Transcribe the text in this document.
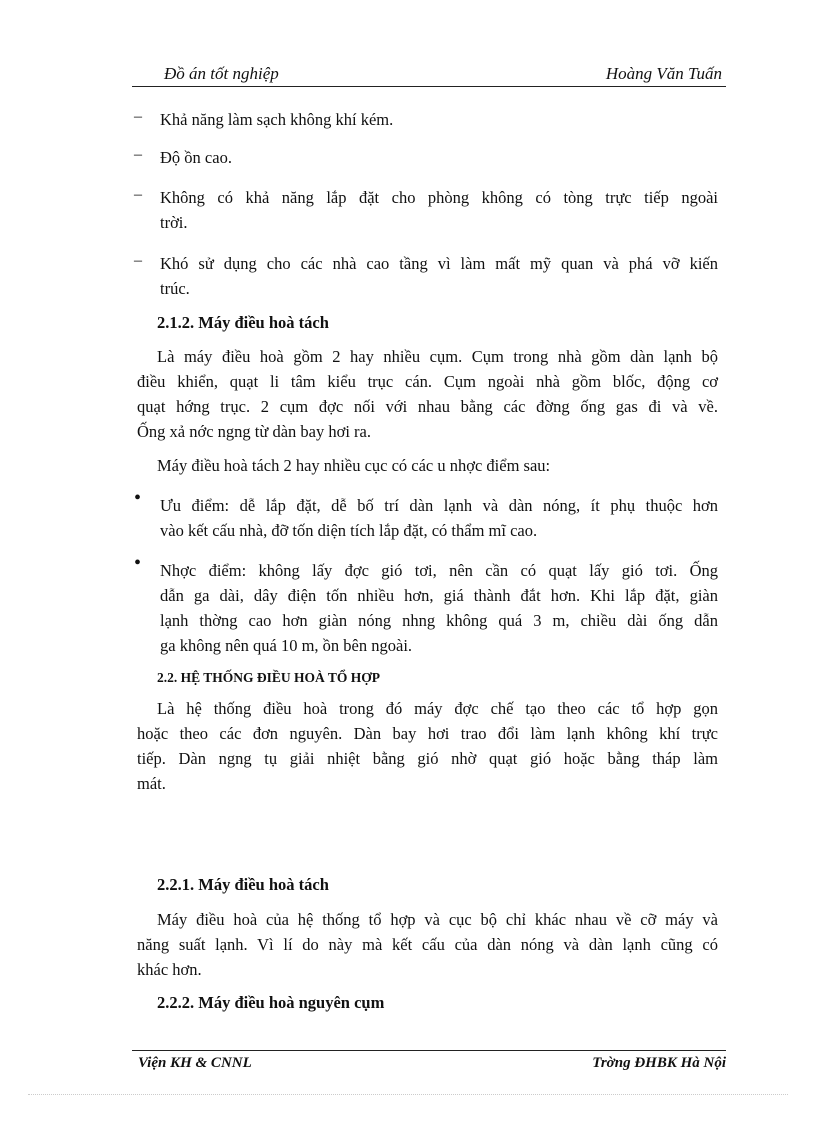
Đồ án tốt nghiệp	Hoàng Văn Tuấn
– Khả năng làm sạch không khí kém.
– Độ ồn cao.
– Không có khả năng lắp đặt cho phòng không có tòng trực tiếp ngoài
trời.
– Khó sử dụng cho các nhà cao tầng vì làm mất mỹ quan và phá vỡ kiến
trúc.
2.1.2. Máy điều hoà tách
Là máy điều hoà gồm 2 hay nhiều cụm. Cụm trong nhà gồm dàn lạnh bộ
điều khiển, quạt li tâm kiểu trục cán. Cụm ngoài nhà gồm blốc, động cơ
quạt hớng trục. 2 cụm đợc nối với nhau bằng các đờng ống gas đi và về.
Ống xả nớc ngng từ dàn bay hơi ra.
Máy điều hoà tách 2 hay nhiều cục có các u nhợc điểm sau:
• Ưu điểm: dễ lắp đặt, dễ bố trí dàn lạnh và dàn nóng, ít phụ thuộc hơn
vào kết cấu nhà, đỡ tốn diện tích lắp đặt, có thẩm mĩ cao.
• Nhợc điểm: không lấy đợc gió tơi, nên cần có quạt lấy gió tơi. Ống
dẫn ga dài, dây điện tốn nhiều hơn, giá thành đắt hơn. Khi lắp đặt, giàn
lạnh thờng cao hơn giàn nóng nhng không quá 3 m, chiều dài ống dẫn
ga không nên quá 10 m, ồn bên ngoài.
2.2. HỆ THỐNG ĐIỀU HOÀ TỔ HỢP
Là hệ thống điều hoà trong đó máy đợc chế tạo theo các tổ hợp gọn
hoặc theo các đơn nguyên. Dàn bay hơi trao đổi làm lạnh không khí trực
tiếp. Dàn ngng tụ giải nhiệt bằng gió nhờ quạt gió hoặc bằng tháp làm
mát.
2.2.1. Máy điều hoà tách
Máy điều hoà của hệ thống tổ hợp và cục bộ chỉ khác nhau về cỡ máy và
năng suất lạnh. Vì lí do này mà kết cấu của dàn nóng và dàn lạnh cũng có
khác hơn.
2.2.2. Máy điều hoà nguyên cụm
Viện KH & CNNL	Trờng ĐHBK Hà Nội
